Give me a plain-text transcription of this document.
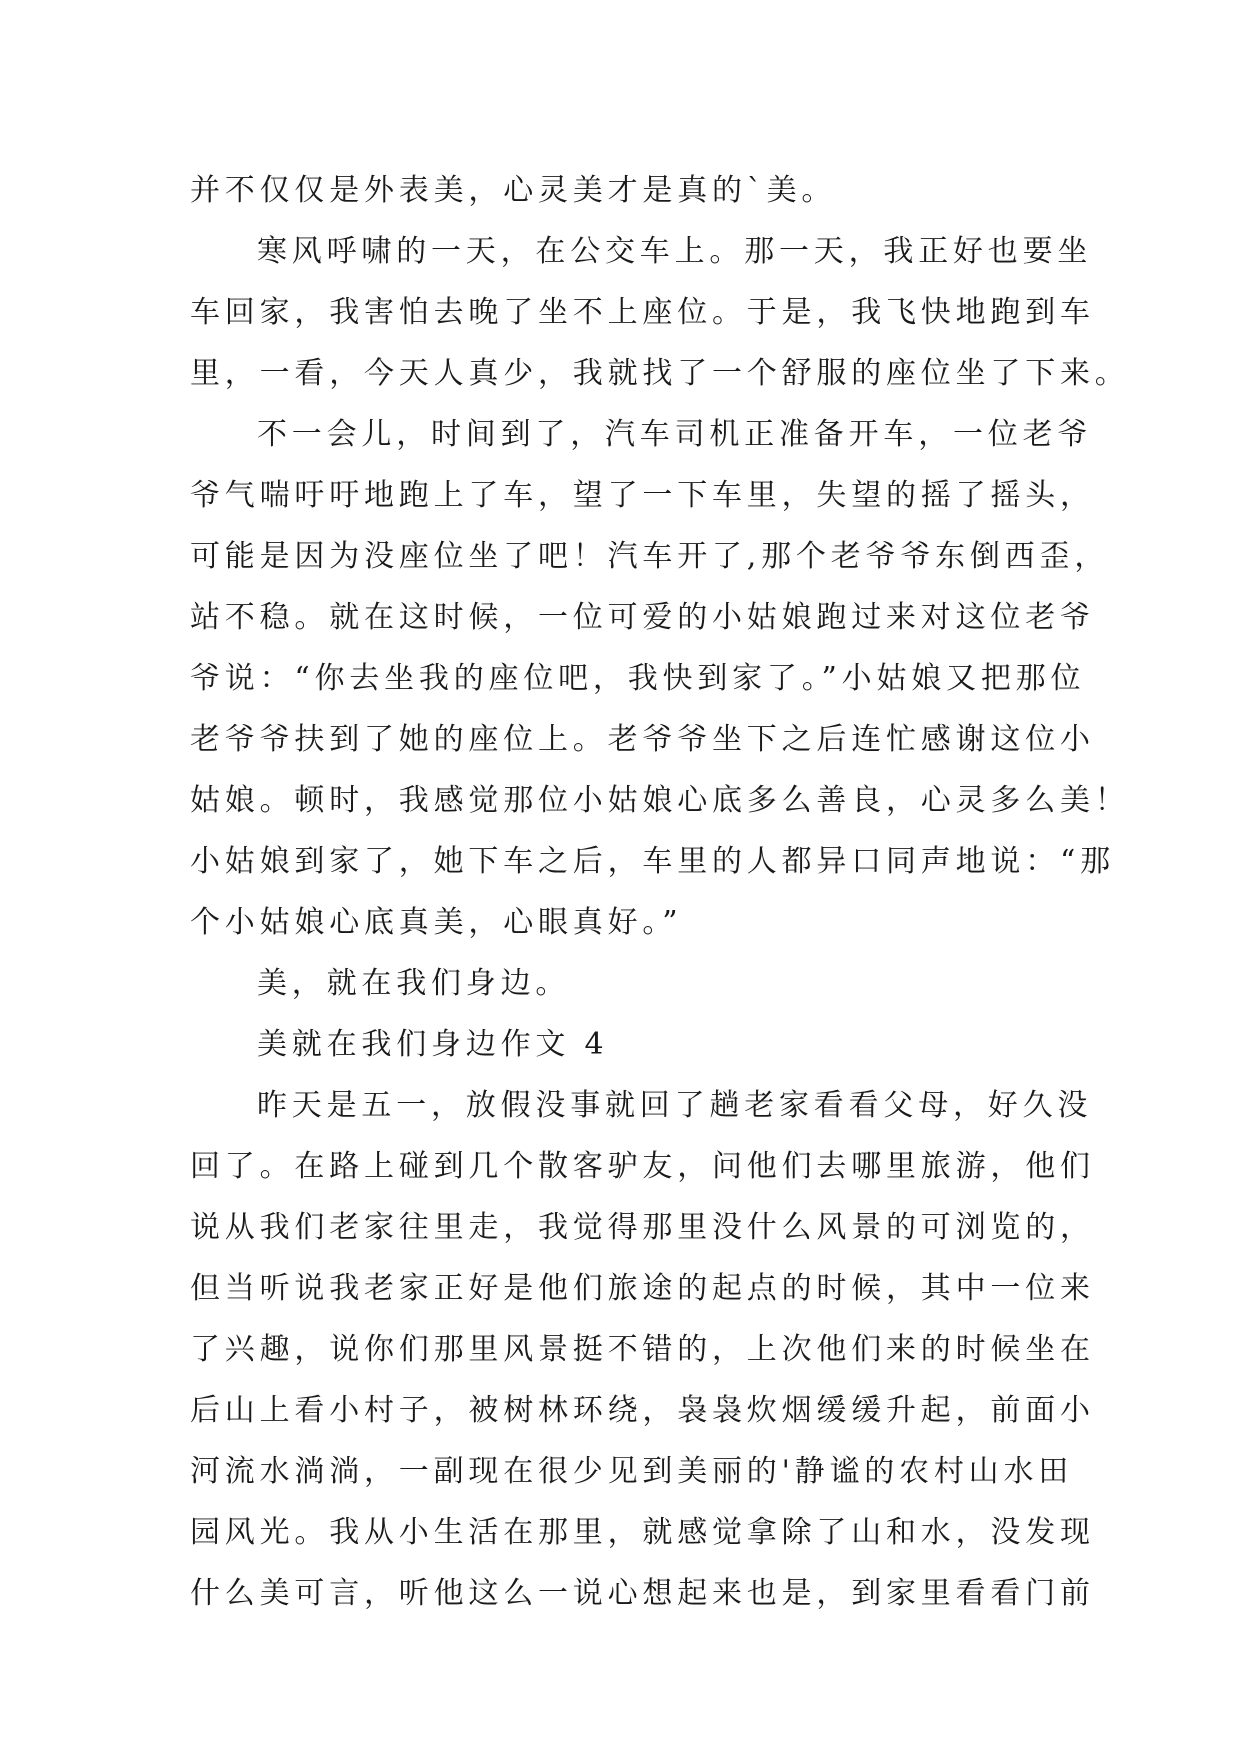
并不仅仅是外表美，心灵美才是真的`美。
寒风呼啸的一天，在公交车上。那一天，我正好也要坐
车回家，我害怕去晚了坐不上座位。于是，我飞快地跑到车
里，一看，今天人真少，我就找了一个舒服的座位坐了下来。
不一会儿，时间到了，汽车司机正准备开车，一位老爷
爷气喘吁吁地跑上了车，望了一下车里，失望的摇了摇头，
可能是因为没座位坐了吧！汽车开了,那个老爷爷东倒西歪，
站不稳。就在这时候，一位可爱的小姑娘跑过来对这位老爷
爷说：“你去坐我的座位吧，我快到家了。”小姑娘又把那位
老爷爷扶到了她的座位上。老爷爷坐下之后连忙感谢这位小
姑娘。顿时，我感觉那位小姑娘心底多么善良，心灵多么美！
小姑娘到家了，她下车之后，车里的人都异口同声地说：“那
个小姑娘心底真美，心眼真好。”
美，就在我们身边。
美就在我们身边作文 4
昨天是五一，放假没事就回了趟老家看看父母，好久没
回了。在路上碰到几个散客驴友，问他们去哪里旅游，他们
说从我们老家往里走，我觉得那里没什么风景的可浏览的，
但当听说我老家正好是他们旅途的起点的时候，其中一位来
了兴趣，说你们那里风景挺不错的，上次他们来的时候坐在
后山上看小村子，被树林环绕，袅袅炊烟缓缓升起，前面小
河流水淌淌，一副现在很少见到美丽的'静谧的农村山水田
园风光。我从小生活在那里，就感觉拿除了山和水，没发现
什么美可言，听他这么一说心想起来也是，到家里看看门前
